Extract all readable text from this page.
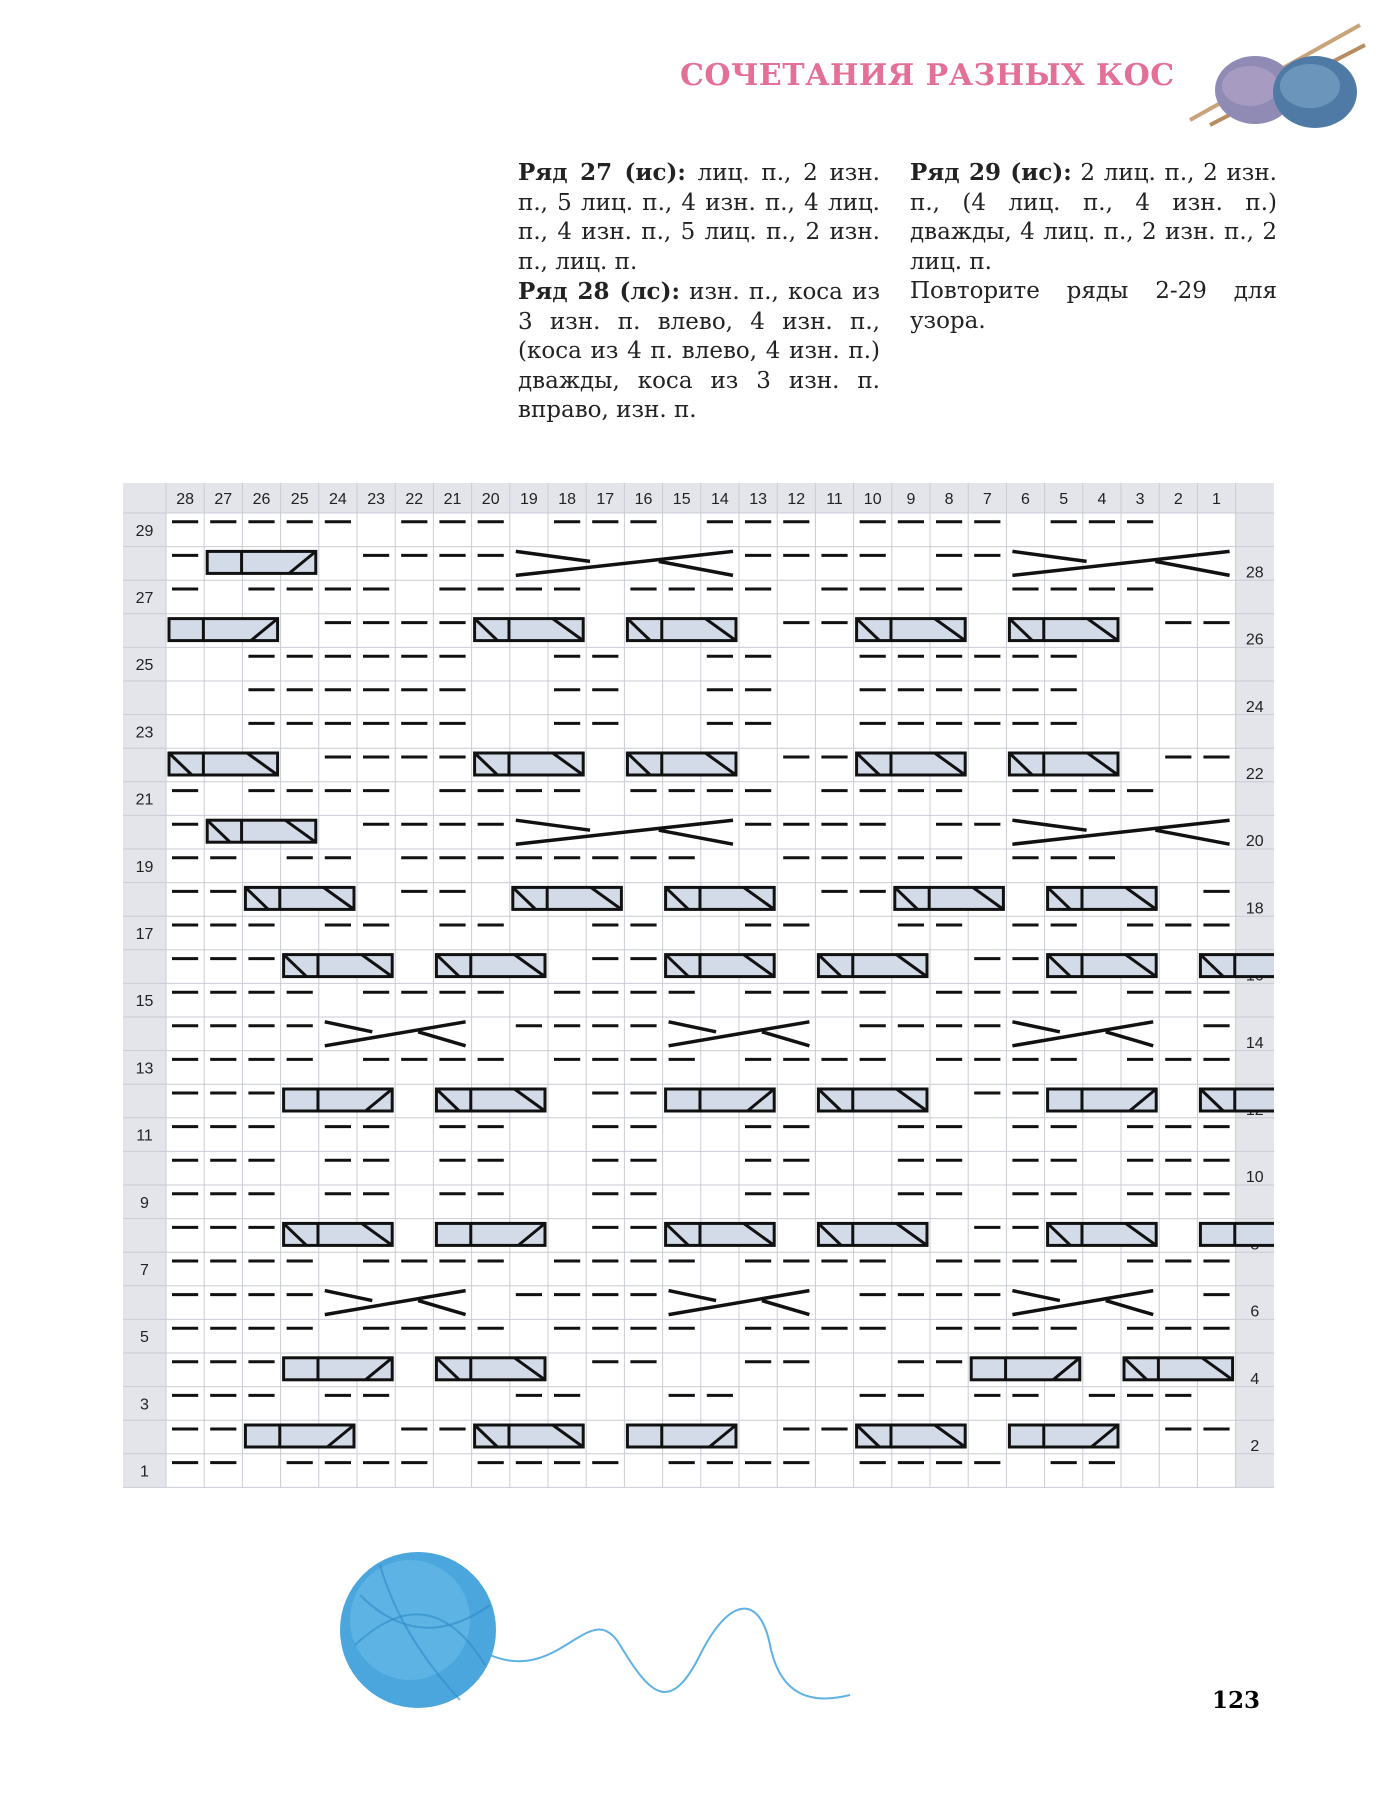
СОЧЕТАНИЯ РАЗНЫХ КОС

Ряд 27 (ис): лиц. п., 2 изн. п., 5 лиц. п., 4 изн. п., 4 лиц. п., 4 изн. п., 5 лиц. п., 2 изн. п., лиц. п.

Ряд 28 (лс): изн. п., коса из 3 изн. п. влево, 4 изн. п., (коса из 4 п. влево, 4 изн. п.) дважды, коса из 3 изн. п. вправо, изн. п.

Ряд 29 (ис): 2 лиц. п., 2 изн. п., (4 лиц. п., 4 изн. п.) дважды, 4 лиц. п., 2 изн. п., 2 лиц. п.

Повторите ряды 2-29 для узора.

28 27 26 25 24 23 22 21 20 19 18 17 16 15 14 13 12 11 10 9 8 7 6 5 4 3 2 1
29
28
27
26
25
24
23
22
21
20
19
18
17
15
14
13
11
10
9
7
6
5
4
3
2
1
123
